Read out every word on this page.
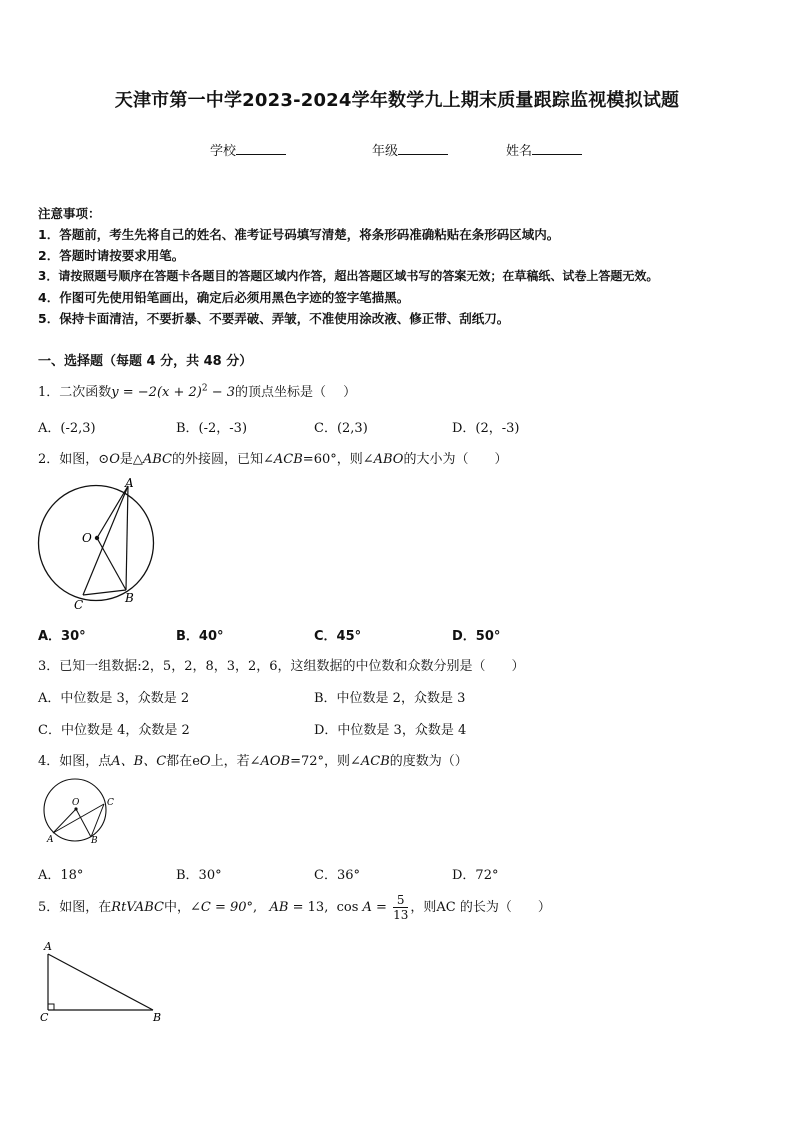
天津市第一中学2023-2024学年数学九上期末质量跟踪监视模拟试题
学校	年级	姓名
注意事项：
1．答题前，考生先将自己的姓名、准考证号码填写清楚，将条形码准确粘贴在条形码区域内。
2．答题时请按要求用笔。
3．请按照题号顺序在答题卡各题目的答题区域内作答，超出答题区域书写的答案无效；在草稿纸、试卷上答题无效。
4．作图可先使用铅笔画出，确定后必须用黑色字迹的签字笔描黑。
5．保持卡面清洁，不要折暴、不要弄破、弄皱，不准使用涂改液、修正带、刮纸刀。
一、选择题（每题 4 分，共 48 分）
1．二次函数$y = -2(x + 2)^2 - 3$的顶点坐标是（　 ）
A．(-2,3)	B．(-2，-3)	C．(2,3)	D．(2，-3)
2．如图，⊙O是△ABC的外接圆，已知∠ACB=60°，则∠ABO的大小为（　　）
A
O
C	B
A．30°	B．40°	C．45°	D．50°
3．已知一组数据:2，5，2，8，3，2，6，这组数据的中位数和众数分别是（　　）
A．中位数是 3，众数是 2	B．中位数是 2，众数是 3
C．中位数是 4，众数是 2	D．中位数是 3，众数是 4
4．如图，点A、B、C都在eO上，若∠AOB=72°，则∠ACB的度数为（）
O	C
A	B
A．18°	B．30°	C．36°	D．72°
5．如图，在RtVABC中，∠C = 90°,   AB = 13, $\cos A = \frac{5}{13}$ ，则AC 的长为（　　）
A
C	B
